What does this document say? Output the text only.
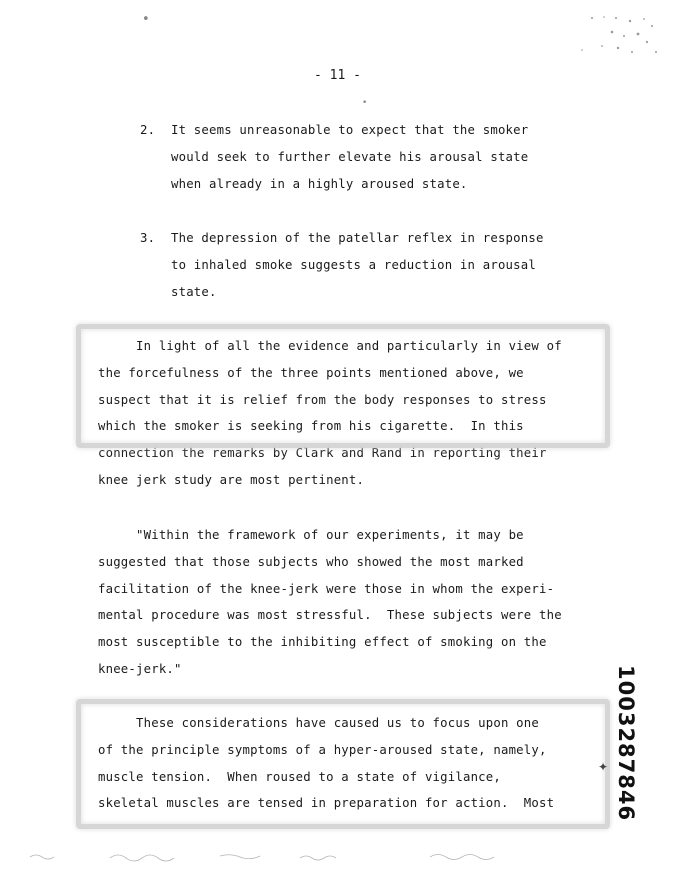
•
•
- 11 -
2. It seems unreasonable to expect that the smoker
would seek to further elevate his arousal state
when already in a highly aroused state.
3. The depression of the patellar reflex in response
to inhaled smoke suggests a reduction in arousal
state.
In light of all the evidence and particularly in view of
the forcefulness of the three points mentioned above, we
suspect that it is relief from the body responses to stress
which the smoker is seeking from his cigarette.  In this
connection the remarks by Clark and Rand in reporting their
knee jerk study are most pertinent.
"Within the framework of our experiments, it may be
suggested that those subjects who showed the most marked
facilitation of the knee-jerk were those in whom the experi-
mental procedure was most stressful.  These subjects were the
most susceptible to the inhibiting effect of smoking on the
knee-jerk."
These considerations have caused us to focus upon one
of the principle symptoms of a hyper-aroused state, namely,
muscle tension.  When roused to a state of vigilance,
skeletal muscles are tensed in preparation for action.  Most	1003287846
✦
